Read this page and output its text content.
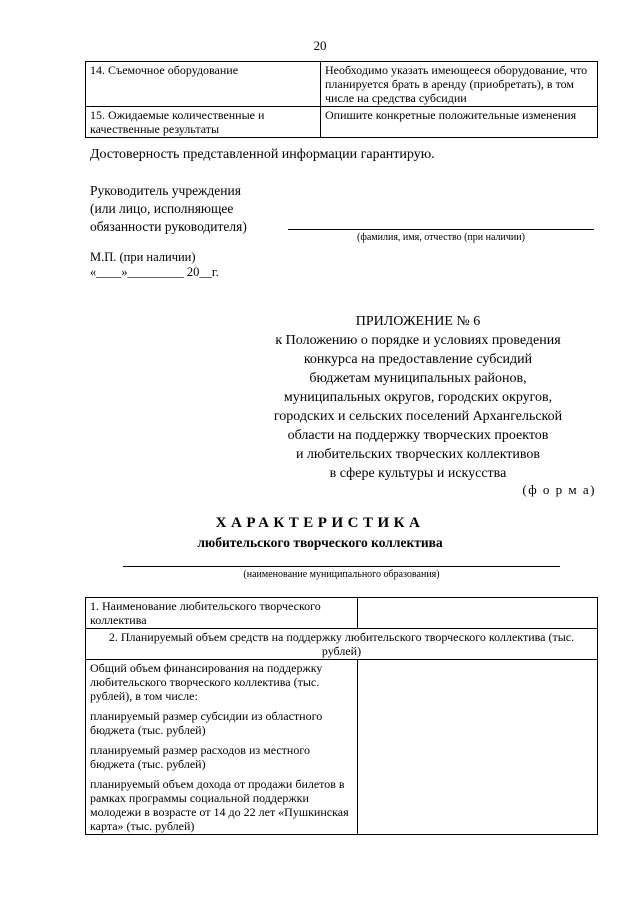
20
14. Съемочное оборудование	Необходимо указать имеющееся оборудование, что планируется брать в аренду (приобретать), в том числе на средства субсидии
15. Ожидаемые количественные и качественные результаты	Опишите конкретные положительные изменения
Достоверность представленной информации гарантирую.
Руководитель учреждения
(или лицо, исполняющее
обязанности руководителя)
(фамилия, имя, отчество (при наличии)
М.П. (при наличии)
«____»_________ 20__г.
ПРИЛОЖЕНИЕ № 6
к Положению о порядке и условиях проведения
конкурса на предоставление субсидий
бюджетам муниципальных районов,
муниципальных округов, городских округов,
городских и сельских поселений Архангельской
области на поддержку творческих проектов
и любительских творческих коллективов
в сфере культуры и искусства
(ф о р м а)
ХАРАКТЕРИСТИКА
любительского творческого коллектива
(наименование муниципального образования)
1. Наименование любительского творческого коллектива	
2. Планируемый объем средств на поддержку любительского творческого коллектива (тыс. рублей)	

Общий объем финансирования на поддержку любительского творческого коллектива (тыс. рублей), в том числе:
планируемый размер субсидии из областного бюджета (тыс. рублей)
планируемый размер расходов из местного бюджета (тыс. рублей)
планируемый объем дохода от продажи билетов в рамках программы социальной поддержки молодежи в возрасте от 14 до 22 лет «Пушкинская карта» (тыс. рублей)	
